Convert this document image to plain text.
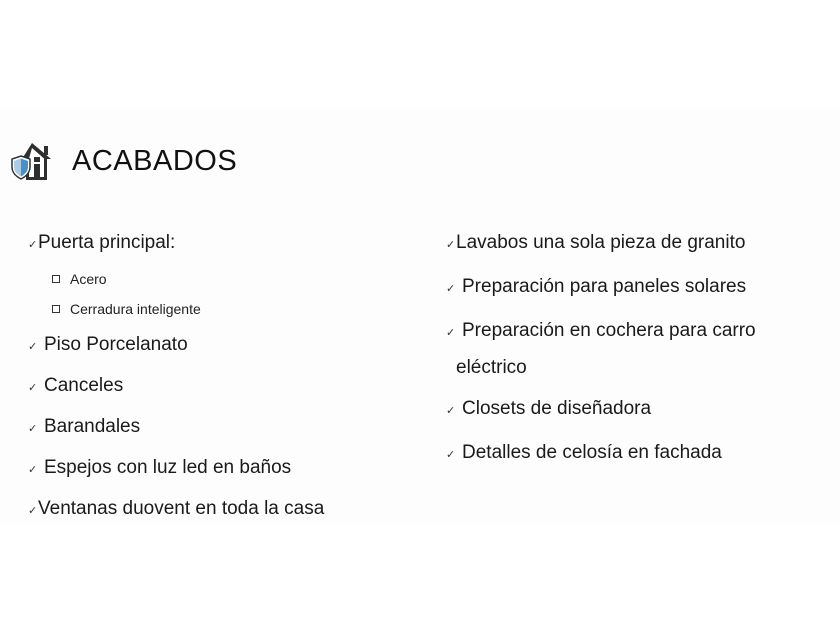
ACABADOS
✓ Puerta principal:
Acero
Cerradura inteligente
✓ Piso Porcelanato
✓ Canceles
✓ Barandales
✓ Espejos con luz led en baños
✓ Ventanas duovent en toda la casa
✓ Lavabos una sola pieza de granito
✓ Preparación para paneles solares
✓ Preparación en cochera para carro
eléctrico
✓ Closets de diseñadora
✓ Detalles de celosía en fachada
